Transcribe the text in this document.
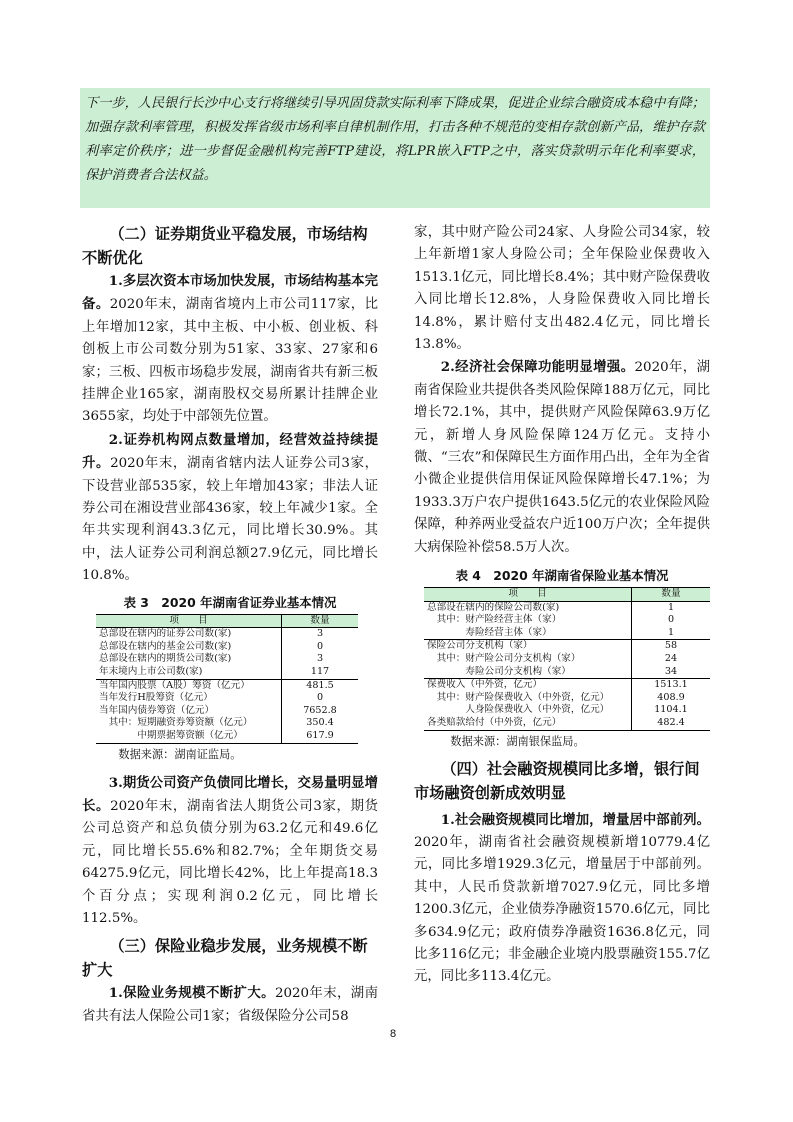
下一步，人民银行长沙中心支行将继续引导巩固贷款实际利率下降成果，促进企业综合融资成本稳中有降；加强存款利率管理，积极发挥省级市场利率自律机制作用，打击各种不规范的变相存款创新产品，维护存款利率定价秩序；进一步督促金融机构完善FTP建设，将LPR嵌入FTP之中，落实贷款明示年化利率要求，保护消费者合法权益。
（二）证券期货业平稳发展，市场结构不断优化

1.多层次资本市场加快发展，市场结构基本完备。2020年末，湖南省境内上市公司117家，比上年增加12家，其中主板、中小板、创业板、科创板上市公司数分别为51家、33家、27家和6家；三板、四板市场稳步发展，湖南省共有新三板挂牌企业165家，湖南股权交易所累计挂牌企业3655家，均处于中部领先位置。

2.证券机构网点数量增加，经营效益持续提升。2020年末，湖南省辖内法人证券公司3家，下设营业部535家，较上年增加43家；非法人证券公司在湘设营业部436家，较上年减少1家。全年共实现利润43.3亿元，同比增长30.9%。其中，法人证券公司利润总额27.9亿元，同比增长10.8%。

表 3　2020 年湖南省证券业基本情况
项　　目	数量
总部设在辖内的证券公司数(家)	3
总部设在辖内的基金公司数(家)	0
总部设在辖内的期货公司数(家)	3
年末境内上市公司数(家)	117
当年国内股票（A股）筹资（亿元）	481.5
当年发行H股筹资（亿元）	0
当年国内债券筹资（亿元）	7652.8
　其中：短期融资券筹资额（亿元）	350.4
　　　　中期票据筹资额（亿元）	617.9

数据来源：湖南证监局。

3.期货公司资产负债同比增长，交易量明显增长。2020年末，湖南省法人期货公司3家，期货公司总资产和总负债分别为63.2亿元和49.6亿元，同比增长55.6%和82.7%；全年期货交易64275.9亿元，同比增长42%，比上年提高18.3个百分点；实现利润0.2亿元，同比增长112.5%。

（三）保险业稳步发展，业务规模不断扩大

1.保险业务规模不断扩大。2020年末，湖南省共有法人保险公司1家；省级保险分公司58

家，其中财产险公司24家、人身险公司34家，较上年新增1家人身险公司；全年保险业保费收入1513.1亿元，同比增长8.4%；其中财产险保费收入同比增长12.8%，人身险保费收入同比增长14.8%，累计赔付支出482.4亿元，同比增长13.8%。

2.经济社会保障功能明显增强。2020年，湖南省保险业共提供各类风险保障188万亿元，同比增长72.1%，其中，提供财产风险保障63.9万亿元，新增人身风险保障124万亿元。支持小微、“三农”和保障民生方面作用凸出，全年为全省小微企业提供信用保证风险保障增长47.1%；为1933.3万户农户提供1643.5亿元的农业保险风险保障，种养两业受益农户近100万户次；全年提供大病保险补偿58.5万人次。

表 4　2020 年湖南省保险业基本情况
项　　目	数量
总部设在辖内的保险公司数(家)	1
　其中：财产险经营主体（家）	0
　　　　寿险经营主体（家）	1
保险公司分支机构（家）	58
　其中：财产险公司分支机构（家）	24
　　　　寿险公司分支机构（家）	34
保费收入（中外资，亿元）	1513.1
　其中：财产险保费收入（中外资，亿元）	408.9
　　　　人身险保费收入（中外资，亿元）	1104.1
各类赔款给付（中外资，亿元）	482.4

数据来源：湖南银保监局。

（四）社会融资规模同比多增，银行间市场融资创新成效明显

1.社会融资规模同比增加，增量居中部前列。2020年，湖南省社会融资规模新增10779.4亿元，同比多增1929.3亿元，增量居于中部前列。其中，人民币贷款新增7027.9亿元，同比多增1200.3亿元，企业债券净融资1570.6亿元，同比多634.9亿元；政府债券净融资1636.8亿元，同比多116亿元；非金融企业境内股票融资155.7亿元，同比多113.4亿元。

8
